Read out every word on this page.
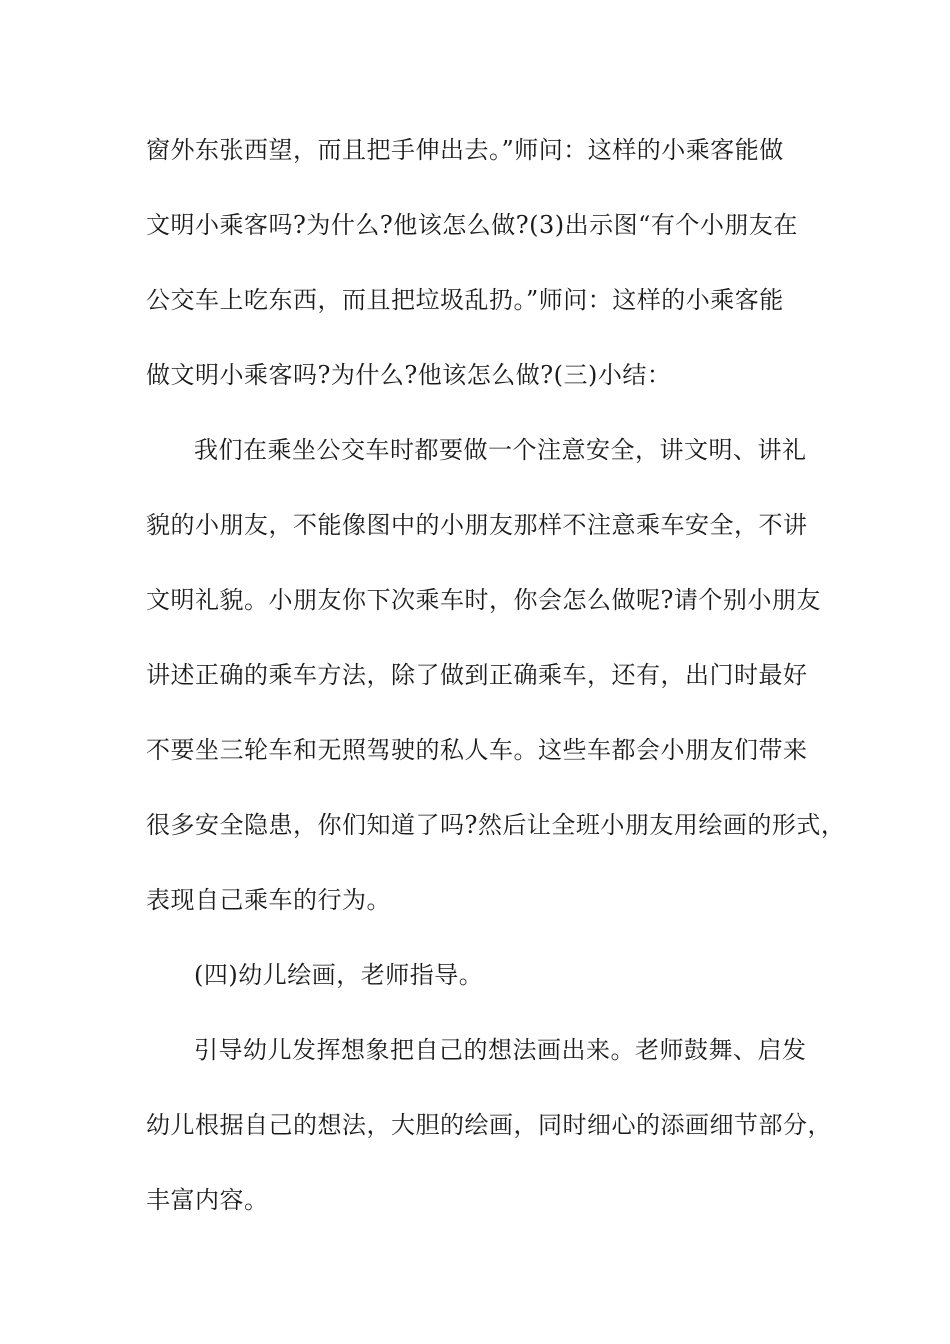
窗外东张西望，而且把手伸出去。”师问：这样的小乘客能做
文明小乘客吗?为什么?他该怎么做?(3)出示图“有个小朋友在
公交车上吃东西，而且把垃圾乱扔。”师问：这样的小乘客能
做文明小乘客吗?为什么?他该怎么做?(三)小结：
我们在乘坐公交车时都要做一个注意安全，讲文明、讲礼
貌的小朋友，不能像图中的小朋友那样不注意乘车安全，不讲
文明礼貌。小朋友你下次乘车时，你会怎么做呢?请个别小朋友
讲述正确的乘车方法，除了做到正确乘车，还有，出门时最好
不要坐三轮车和无照驾驶的私人车。这些车都会小朋友们带来
很多安全隐患，你们知道了吗?然后让全班小朋友用绘画的形式，
表现自己乘车的行为。
(四)幼儿绘画，老师指导。
引导幼儿发挥想象把自己的想法画出来。老师鼓舞、启发
幼儿根据自己的想法，大胆的绘画，同时细心的添画细节部分，
丰富内容。
